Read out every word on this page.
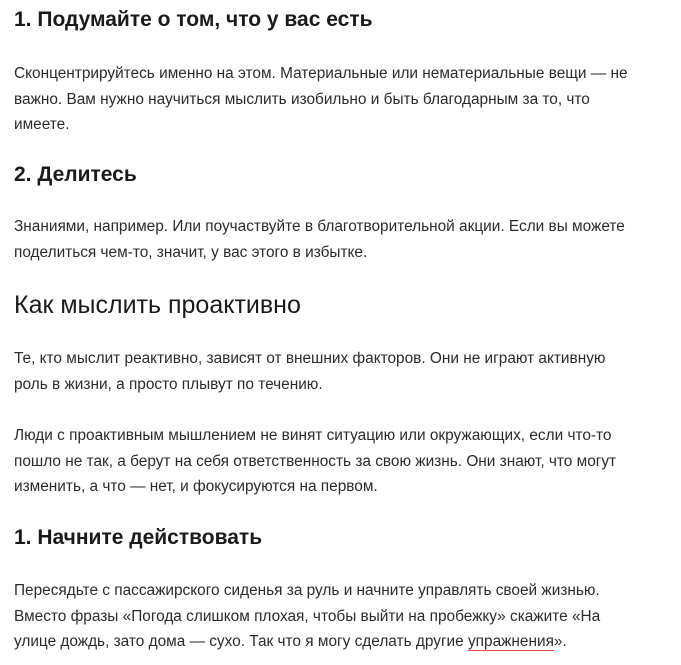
1. Подумайте о том, что у вас есть

Сконцентрируйтесь именно на этом. Материальные или нематериальные вещи — не
важно. Вам нужно научиться мыслить изобильно и быть благодарным за то, что
имеете.

2. Делитесь

Знаниями, например. Или поучаствуйте в благотворительной акции. Если вы можете
поделиться чем-то, значит, у вас этого в избытке.

Как мыслить проактивно

Те, кто мыслит реактивно, зависят от внешних факторов. Они не играют активную
роль в жизни, а просто плывут по течению.

Люди с проактивным мышлением не винят ситуацию или окружающих, если что-то
пошло не так, а берут на себя ответственность за свою жизнь. Они знают, что могут
изменить, а что — нет, и фокусируются на первом.

1. Начните действовать

Пересядьте с пассажирского сиденья за руль и начните управлять своей жизнью.
Вместо фразы «Погода слишком плохая, чтобы выйти на пробежку» скажите «На
улице дождь, зато дома — сухо. Так что я могу сделать другие упражнения».
